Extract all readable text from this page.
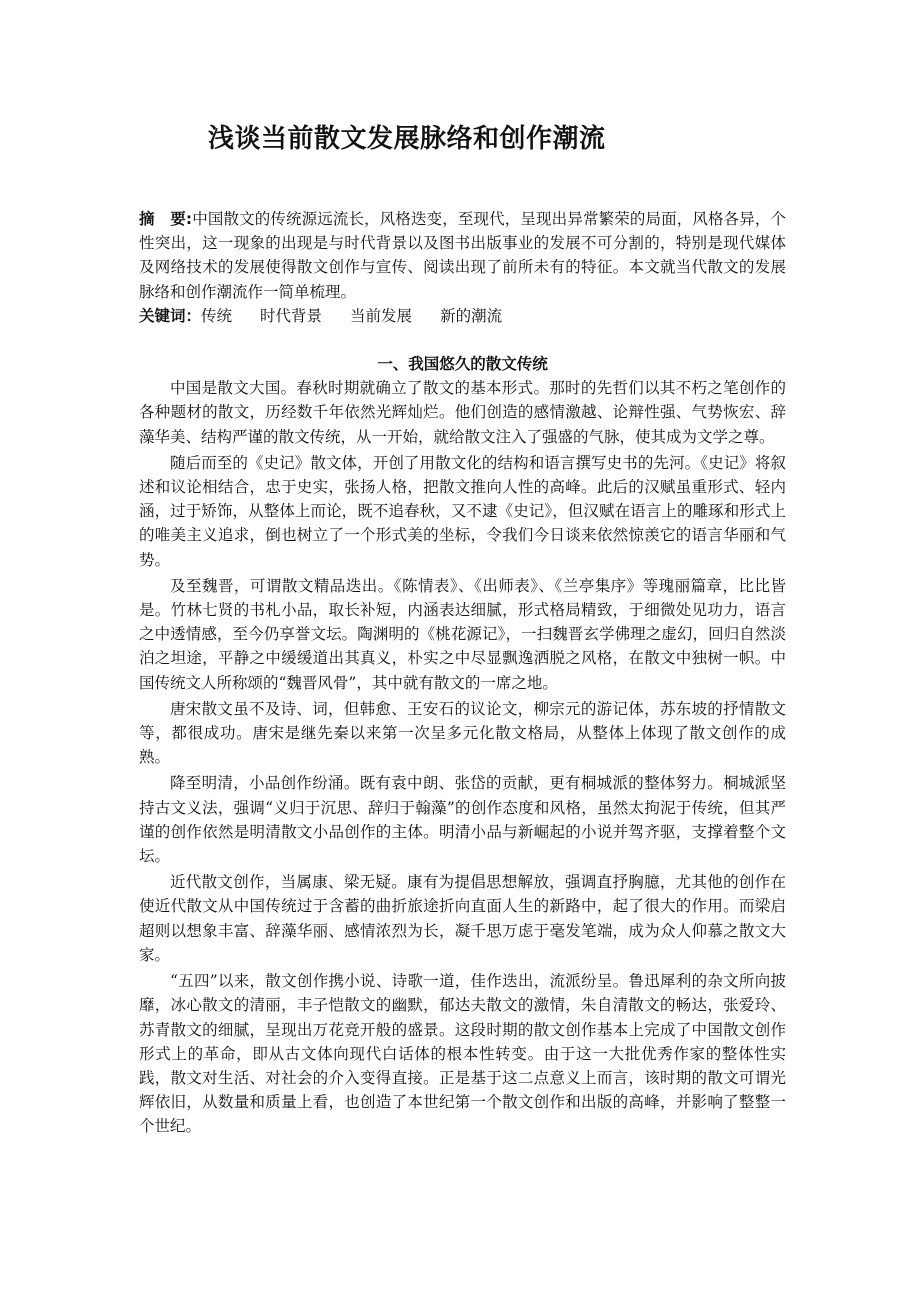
浅谈当前散文发展脉络和创作潮流

摘　要:中国散文的传统源远流长，风格迭变，至现代，呈现出异常繁荣的局面，风格各异，个性突出，这一现象的出现是与时代背景以及图书出版事业的发展不可分割的，特别是现代媒体及网络技术的发展使得散文创作与宣传、阅读出现了前所未有的特征。本文就当代散文的发展脉络和创作潮流作一简单梳理。

关键词：传统 时代背景 当前发展 新的潮流

一、我国悠久的散文传统

中国是散文大国。春秋时期就确立了散文的基本形式。那时的先哲们以其不朽之笔创作的各种题材的散文，历经数千年依然光辉灿烂。他们创造的感情激越、论辩性强、气势恢宏、辞藻华美、结构严谨的散文传统，从一开始，就给散文注入了强盛的气脉，使其成为文学之尊。

随后而至的《史记》散文体，开创了用散文化的结构和语言撰写史书的先河。《史记》将叙述和议论相结合，忠于史实，张扬人格，把散文推向人性的高峰。此后的汉赋虽重形式、轻内涵，过于矫饰，从整体上而论，既不追春秋，又不逮《史记》，但汉赋在语言上的雕琢和形式上的唯美主义追求，倒也树立了一个形式美的坐标，令我们今日谈来依然惊羡它的语言华丽和气势。

及至魏晋，可谓散文精品迭出。《陈情表》、《出师表》、《兰亭集序》等瑰丽篇章，比比皆是。竹林七贤的书札小品，取长补短，内涵表达细腻，形式格局精致，于细微处见功力，语言之中透情感，至今仍享誉文坛。陶渊明的《桃花源记》，一扫魏晋玄学佛理之虚幻，回归自然淡泊之坦途，平静之中缓缓道出其真义，朴实之中尽显飘逸洒脱之风格，在散文中独树一帜。中国传统文人所称颂的“魏晋风骨”，其中就有散文的一席之地。

唐宋散文虽不及诗、词，但韩愈、王安石的议论文，柳宗元的游记体，苏东坡的抒情散文等，都很成功。唐宋是继先秦以来第一次呈多元化散文格局，从整体上体现了散文创作的成熟。

降至明清，小品创作纷涌。既有袁中朗、张岱的贡献，更有桐城派的整体努力。桐城派坚持古文义法，强调“义归于沉思、辞归于翰藻”的创作态度和风格，虽然太拘泥于传统，但其严谨的创作依然是明清散文小品创作的主体。明清小品与新崛起的小说并驾齐驱，支撑着整个文坛。

近代散文创作，当属康、梁无疑。康有为提倡思想解放，强调直抒胸臆，尤其他的创作在使近代散文从中国传统过于含蓄的曲折旅途折向直面人生的新路中，起了很大的作用。而梁启超则以想象丰富、辞藻华丽、感情浓烈为长，凝千思万虑于毫发笔端，成为众人仰慕之散文大家。

“五四”以来，散文创作携小说、诗歌一道，佳作迭出，流派纷呈。鲁迅犀利的杂文所向披靡，冰心散文的清丽，丰子恺散文的幽默，郁达夫散文的激情，朱自清散文的畅达，张爱玲、苏青散文的细腻，呈现出万花竞开般的盛景。这段时期的散文创作基本上完成了中国散文创作形式上的革命，即从古文体向现代白话体的根本性转变。由于这一大批优秀作家的整体性实践，散文对生活、对社会的介入变得直接。正是基于这二点意义上而言，该时期的散文可谓光辉依旧，从数量和质量上看，也创造了本世纪第一个散文创作和出版的高峰，并影响了整整一个世纪。
